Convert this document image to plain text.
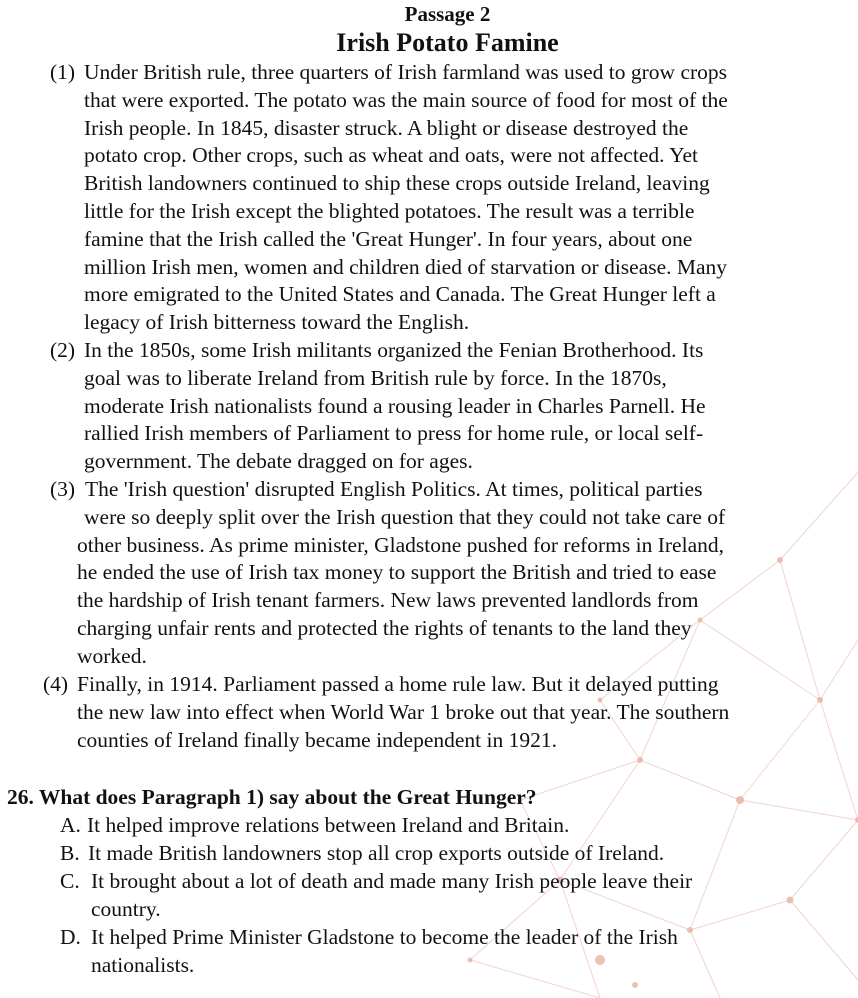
Passage 2
Irish Potato Famine
(1) Under British rule, three quarters of Irish farmland was used to grow crops
that were exported. The potato was the main source of food for most of the
Irish people. In 1845, disaster struck. A blight or disease destroyed the
potato crop. Other crops, such as wheat and oats, were not affected. Yet
British landowners continued to ship these crops outside Ireland, leaving
little for the Irish except the blighted potatoes. The result was a terrible
famine that the Irish called the 'Great Hunger'. In four years, about one
million Irish men, women and children died of starvation or disease. Many
more emigrated to the United States and Canada. The Great Hunger left a
legacy of Irish bitterness toward the English.
(2) In the 1850s, some Irish militants organized the Fenian Brotherhood. Its
goal was to liberate Ireland from British rule by force. In the 1870s,
moderate Irish nationalists found a rousing leader in Charles Parnell. He
rallied Irish members of Parliament to press for home rule, or local self-
government. The debate dragged on for ages.
(3) The 'Irish question' disrupted English Politics. At times, political parties
were so deeply split over the Irish question that they could not take care of
other business. As prime minister, Gladstone pushed for reforms in Ireland,
he ended the use of Irish tax money to support the British and tried to ease
the hardship of Irish tenant farmers. New laws prevented landlords from
charging unfair rents and protected the rights of tenants to the land they
worked.
(4) Finally, in 1914. Parliament passed a home rule law. But it delayed putting
the new law into effect when World War 1 broke out that year. The southern
counties of Ireland finally became independent in 1921.
26. What does Paragraph 1) say about the Great Hunger?
A. It helped improve relations between Ireland and Britain.
B. It made British landowners stop all crop exports outside of Ireland.
C. It brought about a lot of death and made many Irish people leave their
country.
D. It helped Prime Minister Gladstone to become the leader of the Irish
nationalists.
